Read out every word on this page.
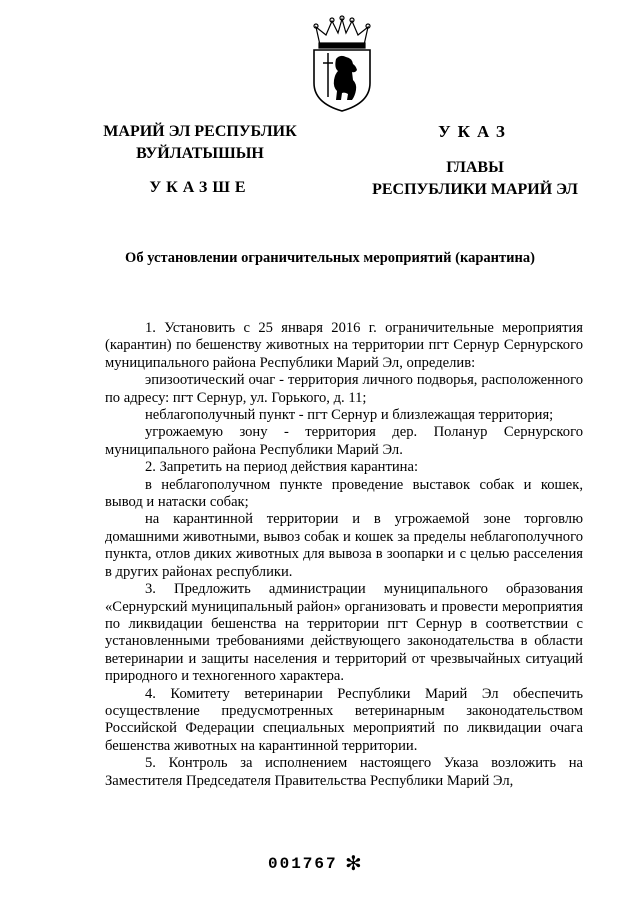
МАРИЙ ЭЛ РЕСПУБЛИК
ВУЙЛАТЫШЫН
УКАЗШЕ
УКАЗ
ГЛАВЫ
РЕСПУБЛИКИ МАРИЙ ЭЛ
Об установлении ограничительных мероприятий (карантина)

1. Установить с 25 января 2016 г. ограничительные мероприятия (карантин) по бешенству животных на территории пгт Сернур Сернурского муниципального района Республики Марий Эл, определив:

эпизоотический очаг - территория личного подворья, расположенного по адресу: пгт Сернур, ул. Горького, д. 11;

неблагополучный пункт - пгт Сернур и близлежащая территория;

угрожаемую зону - территория дер. Поланур Сернурского муниципального района Республики Марий Эл.

2. Запретить на период действия карантина:

в неблагополучном пункте проведение выставок собак и кошек, вывод и натаски собак;

на карантинной территории и в угрожаемой зоне торговлю домашними животными, вывоз собак и кошек за пределы неблагополучного пункта, отлов диких животных для вывоза в зоопарки и с целью расселения в других районах республики.

3. Предложить администрации муниципального образования «Сернурский муниципальный район» организовать и провести мероприятия по ликвидации бешенства на территории пгт Сернур в соответствии с установленными требованиями действующего законодательства в области ветеринарии и защиты населения и территорий от чрезвычайных ситуаций природного и техногенного характера.

4. Комитету ветеринарии Республики Марий Эл обеспечить осуществление предусмотренных ветеринарным законодательством Российской Федерации специальных мероприятий по ликвидации очага бешенства животных на карантинной территории.

5. Контроль за исполнением настоящего Указа возложить на Заместителя Председателя Правительства Республики Марий Эл,

001767 ✻
